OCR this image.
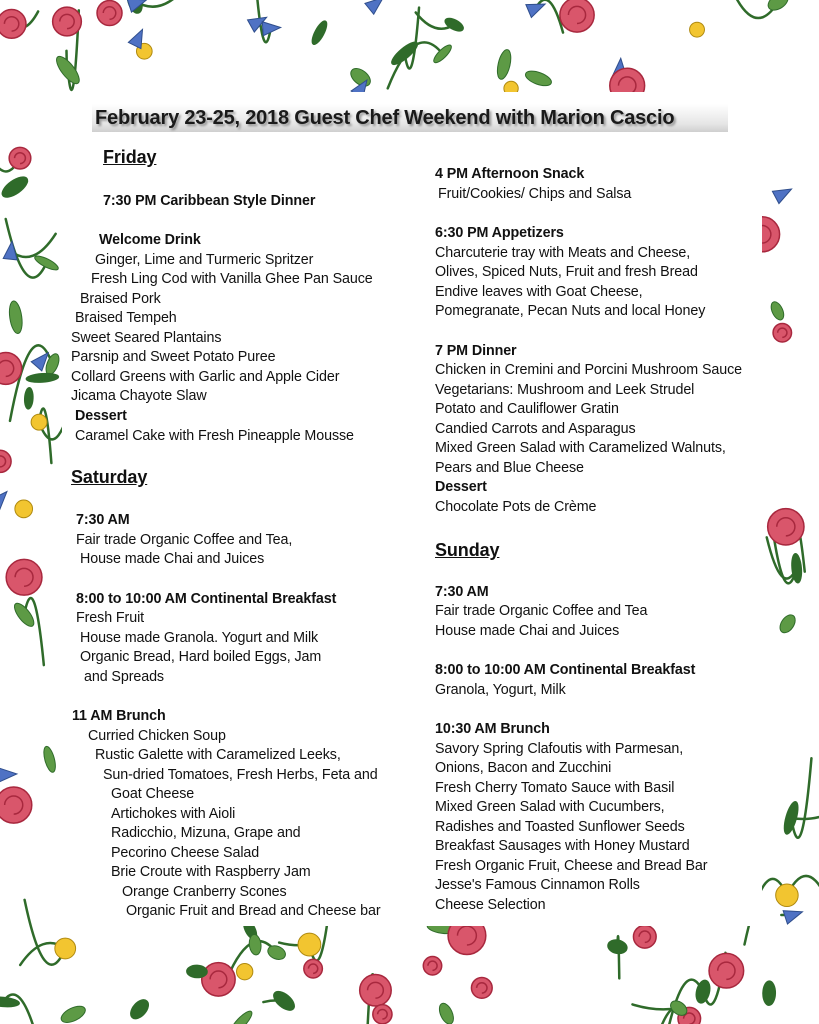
February 23-25, 2018 Guest Chef Weekend with Marion Cascio
Friday
7:30 PM Caribbean Style Dinner
Welcome Drink
Ginger, Lime and Turmeric Spritzer
Fresh Ling Cod with Vanilla Ghee Pan Sauce
Braised Pork
Braised Tempeh
Sweet Seared Plantains
Parsnip and Sweet Potato Puree
Collard Greens with Garlic and Apple Cider
Jicama Chayote Slaw
Dessert
Caramel Cake with Fresh Pineapple Mousse
Saturday
7:30 AM
Fair trade Organic Coffee and Tea,
House made Chai and Juices
8:00 to 10:00 AM Continental Breakfast
Fresh Fruit
House made Granola. Yogurt and Milk
Organic Bread, Hard boiled Eggs, Jam
and Spreads
11 AM Brunch
Curried Chicken Soup
Rustic Galette with Caramelized Leeks,
Sun-dried Tomatoes, Fresh Herbs, Feta and
Goat Cheese
Artichokes with Aioli
Radicchio, Mizuna, Grape and
Pecorino Cheese Salad
Brie Croute with Raspberry Jam
Orange Cranberry Scones
Organic Fruit and Bread and Cheese bar
4 PM Afternoon Snack
Fruit/Cookies/ Chips and Salsa
6:30 PM Appetizers
Charcuterie tray with Meats and Cheese,
Olives, Spiced Nuts, Fruit and fresh Bread
Endive leaves with Goat Cheese,
Pomegranate, Pecan Nuts and local Honey
7 PM Dinner
Chicken in Cremini and Porcini Mushroom Sauce
Vegetarians: Mushroom and Leek Strudel
Potato and Cauliflower Gratin
Candied Carrots and Asparagus
Mixed Green Salad with Caramelized Walnuts,
Pears and Blue Cheese
Dessert
Chocolate Pots de Crème
Sunday
7:30 AM
Fair trade Organic Coffee and Tea
House made Chai and Juices
8:00 to 10:00 AM Continental Breakfast
Granola, Yogurt, Milk
10:30 AM Brunch
Savory Spring Clafoutis with Parmesan,
Onions, Bacon and Zucchini
Fresh Cherry Tomato Sauce with Basil
Mixed Green Salad with Cucumbers,
Radishes and Toasted Sunflower Seeds
Breakfast Sausages with Honey Mustard
Fresh Organic Fruit, Cheese and Bread Bar
Jesse's Famous Cinnamon Rolls
Cheese Selection
